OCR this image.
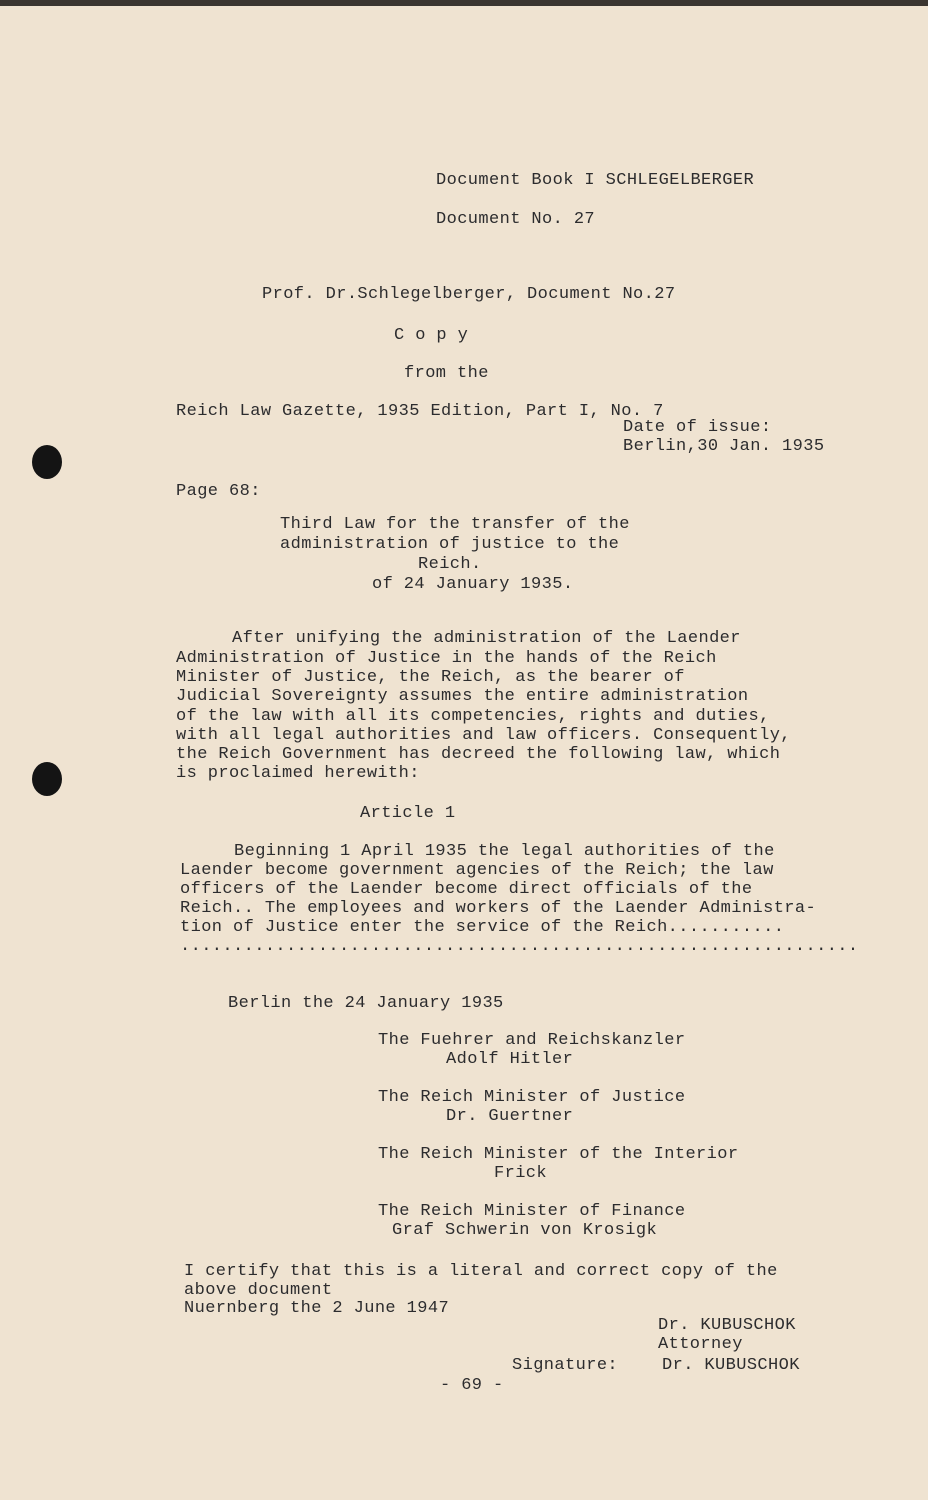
Document Book I SCHLEGELBERGER
Document No. 27
Prof. Dr.Schlegelberger, Document No.27
C o p y
from the
Reich Law Gazette, 1935 Edition, Part I, No. 7
Date of issue:
Berlin,30 Jan. 1935
Page 68:
Third Law for the transfer of the
administration of justice to the
Reich.
of 24 January 1935.
After unifying the administration of the Laender
Administration of Justice in the hands of the Reich
Minister of Justice, the Reich, as the bearer of
Judicial Sovereignty assumes the entire administration
of the law with all its competencies, rights and duties,
with all legal authorities and law officers. Consequently,
the Reich Government has decreed the following law, which
is proclaimed herewith:
Article 1
Beginning 1 April 1935 the legal authorities of the
Laender become government agencies of the Reich; the law
officers of the Laender become direct officials of the
Reich.. The employees and workers of the Laender Administra-
tion of Justice enter the service of the Reich...........
................................................................
Berlin the 24 January 1935
The Fuehrer and Reichskanzler
Adolf Hitler
The Reich Minister of Justice
Dr. Guertner
The Reich Minister of the Interior
Frick
The Reich Minister of Finance
Graf Schwerin von Krosigk
I certify that this is a literal and correct copy of the
above document
Nuernberg the 2 June 1947
Dr. KUBUSCHOK
Attorney
Signature:	Dr. KUBUSCHOK
- 69 -
